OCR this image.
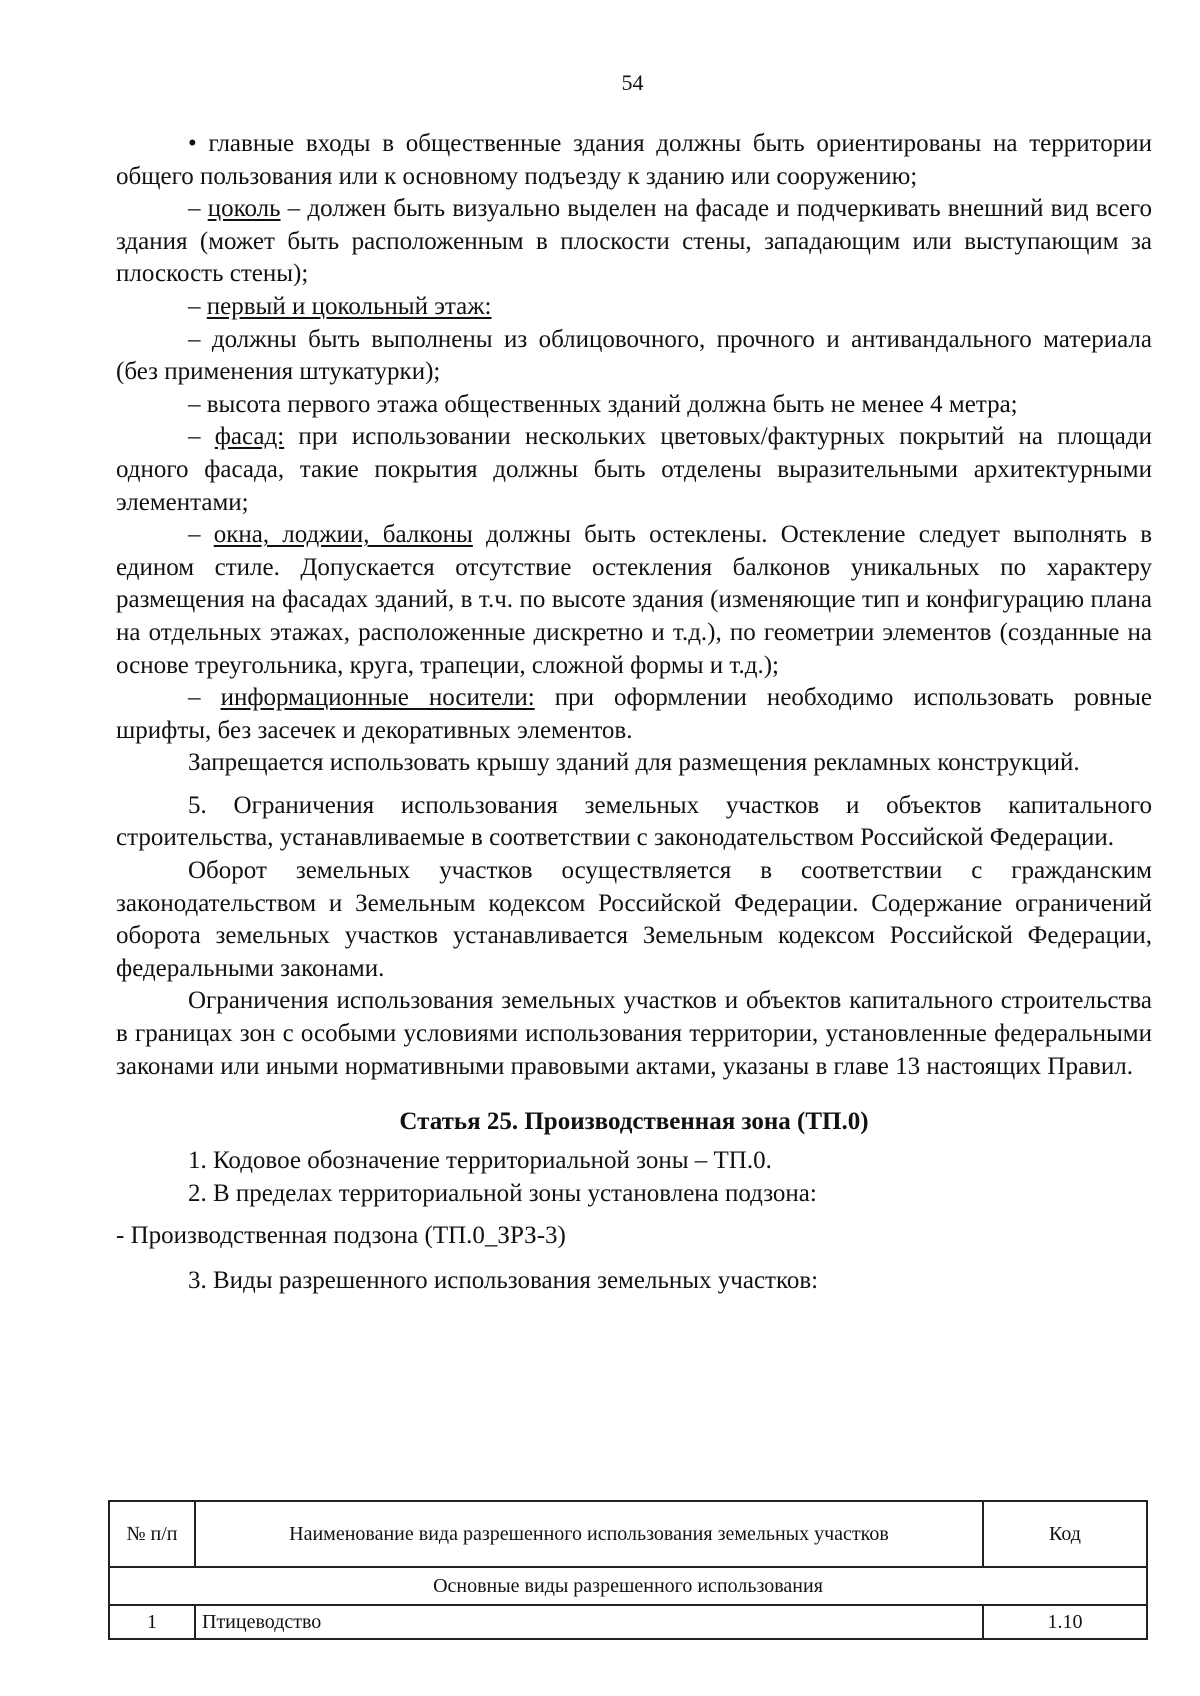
54

• главные входы в общественные здания должны быть ориентированы на территории общего пользования или к основному подъезду к зданию или сооружению;

– цоколь – должен быть визуально выделен на фасаде и подчеркивать внешний вид всего здания (может быть расположенным в плоскости стены, западающим или выступающим за плоскость стены);

– первый и цокольный этаж:

– должны быть выполнены из облицовочного, прочного и антивандального материала (без применения штукатурки);

– высота первого этажа общественных зданий должна быть не менее 4 метра;

– фасад: при использовании нескольких цветовых/фактурных покрытий на площади одного фасада, такие покрытия должны быть отделены выразительными архитектурными элементами;

– окна, лоджии, балконы должны быть остеклены. Остекление следует выполнять в едином стиле. Допускается отсутствие остекления балконов уникальных по характеру размещения на фасадах зданий, в т.ч. по высоте здания (изменяющие тип и конфигурацию плана на отдельных этажах, расположенные дискретно и т.д.), по геометрии элементов (созданные на основе треугольника, круга, трапеции, сложной формы и т.д.);

– информационные носители: при оформлении необходимо использовать ровные шрифты, без засечек и декоративных элементов.

Запрещается использовать крышу зданий для размещения рекламных конструкций.

5. Ограничения использования земельных участков и объектов капитального строительства, устанавливаемые в соответствии с законодательством Российской Федерации.

Оборот земельных участков осуществляется в соответствии с гражданским законодательством и Земельным кодексом Российской Федерации. Содержание ограничений оборота земельных участков устанавливается Земельным кодексом Российской Федерации, федеральными законами.

Ограничения использования земельных участков и объектов капитального строительства в границах зон с особыми условиями использования территории, установленные федеральными законами или иными нормативными правовыми актами, указаны в главе 13 настоящих Правил.

Статья 25. Производственная зона (ТП.0)

1. Кодовое обозначение территориальной зоны – ТП.0.

2. В пределах территориальной зоны установлена подзона:

- Производственная подзона (ТП.0_ЗРЗ-3)

3. Виды разрешенного использования земельных участков:

№ п/п	Наименование вида разрешенного использования земельных участков	Код
Основные виды разрешенного использования		
1	Птицеводство	1.10
